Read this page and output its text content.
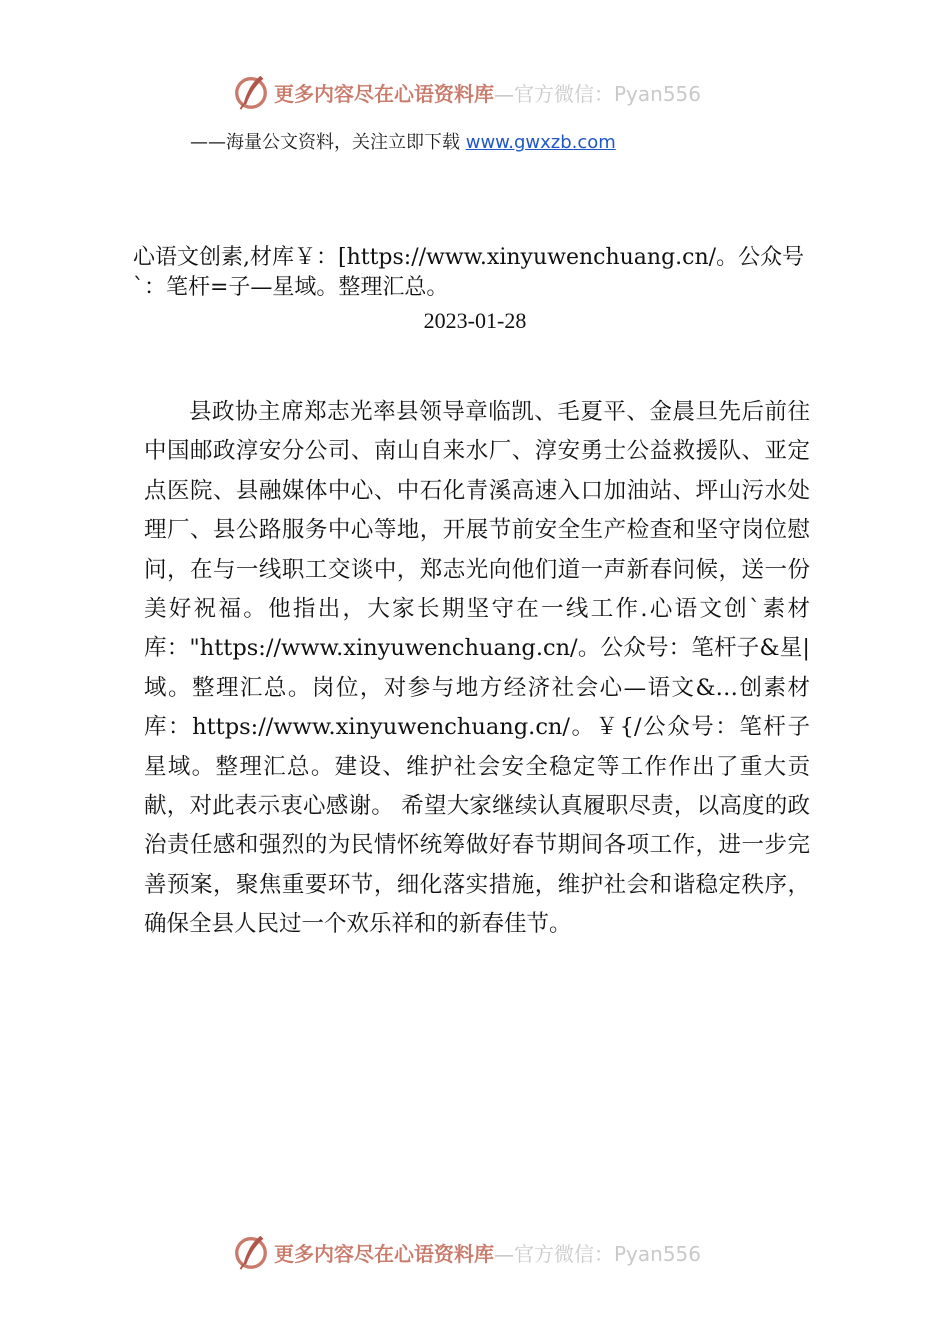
更多内容尽在心语资料库—官方微信：Pyan556
——海量公文资料，关注立即下载 www.gwxzb.com
心语文创素,材库￥：[https://www.xinyuwenchuang.cn/。公众号`：笔杆=子—星域。整理汇总。
2023-01-28
县政协主席郑志光率县领导章临凯、毛夏平、金晨旦先后前往中国邮政淳安分公司、南山自来水厂、淳安勇士公益救援队、亚定点医院、县融媒体中心、中石化青溪高速入口加油站、坪山污水处理厂、县公路服务中心等地，开展节前安全生产检查和坚守岗位慰问，在与一线职工交谈中，郑志光向他们道一声新春问候，送一份美好祝福。他指出，大家长期坚守在一线工作.心语文创`素材库："https://www.xinyuwenchuang.cn/。公众号：笔杆子&星|域。整理汇总。岗位，对参与地方经济社会心—语文&…创素材库：https://www.xinyuwenchuang.cn/。￥{/公众号：笔杆子星域。整理汇总。建设、维护社会安全稳定等工作作出了重大贡献，对此表示衷心感谢。 希望大家继续认真履职尽责，以高度的政治责任感和强烈的为民情怀统筹做好春节期间各项工作，进一步完善预案，聚焦重要环节，细化落实措施，维护社会和谐稳定秩序，确保全县人民过一个欢乐祥和的新春佳节。
更多内容尽在心语资料库—官方微信：Pyan556
